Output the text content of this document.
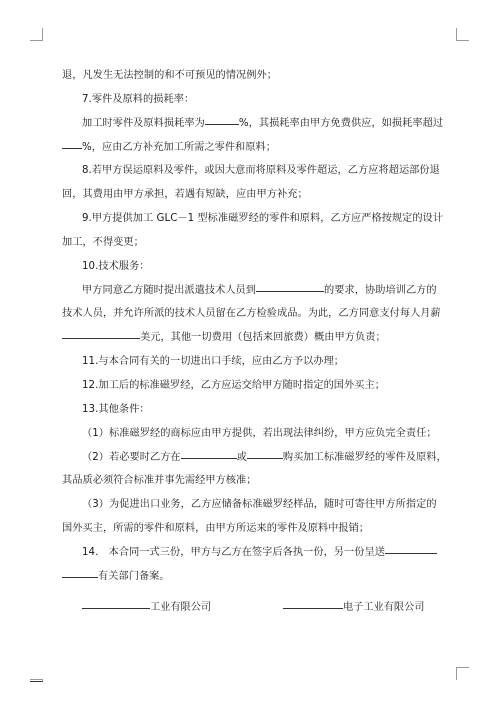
退，凡发生无法控制的和不可预见的情况例外；

7.零件及原料的损耗率：

加工时零件及原料损耗率为	%，其损耗率由甲方免费供应，如损耗率超过

%，应由乙方补充加工所需之零件和原料；

8.若甲方误运原料及零件，或因大意而将原料及零件超运，乙方应将超运部份退

回，其费用由甲方承担，若遇有短缺，应由甲方补充；

9.甲方提供加工 GLC－1 型标准磁罗经的零件和原料，乙方应严格按规定的设计

加工，不得变更；

10.技术服务：

甲方同意乙方随时提出派遣技术人员到	的要求，协助培训乙方的

技术人员，并允许所派的技术人员留在乙方检验成品。为此，乙方同意支付每人月薪

美元，其他一切费用（包括来回旅费）概由甲方负责；

11.与本合同有关的一切进出口手续，应由乙方予以办理；

12.加工后的标准磁罗经，乙方应运交给甲方随时指定的国外买主；

13.其他条件：

（1）标准磁罗经的商标应由甲方提供，若出现法律纠纷，甲方应负完全责任；

（2）若必要时乙方在	或	购买加工标准磁罗经的零件及原料，

其品质必须符合标准并事先需经甲方核准；

（3）为促进出口业务，乙方应储备标准磁罗经样品，随时可寄往甲方所指定的

国外买主，所需的零件和原料，由甲方所运来的零件及原料中报销；

14.　本合同一式三份，甲方与乙方在签字后各执一份，另一份呈送

有关部门备案。

工业有限公司	电子工业有限公司
